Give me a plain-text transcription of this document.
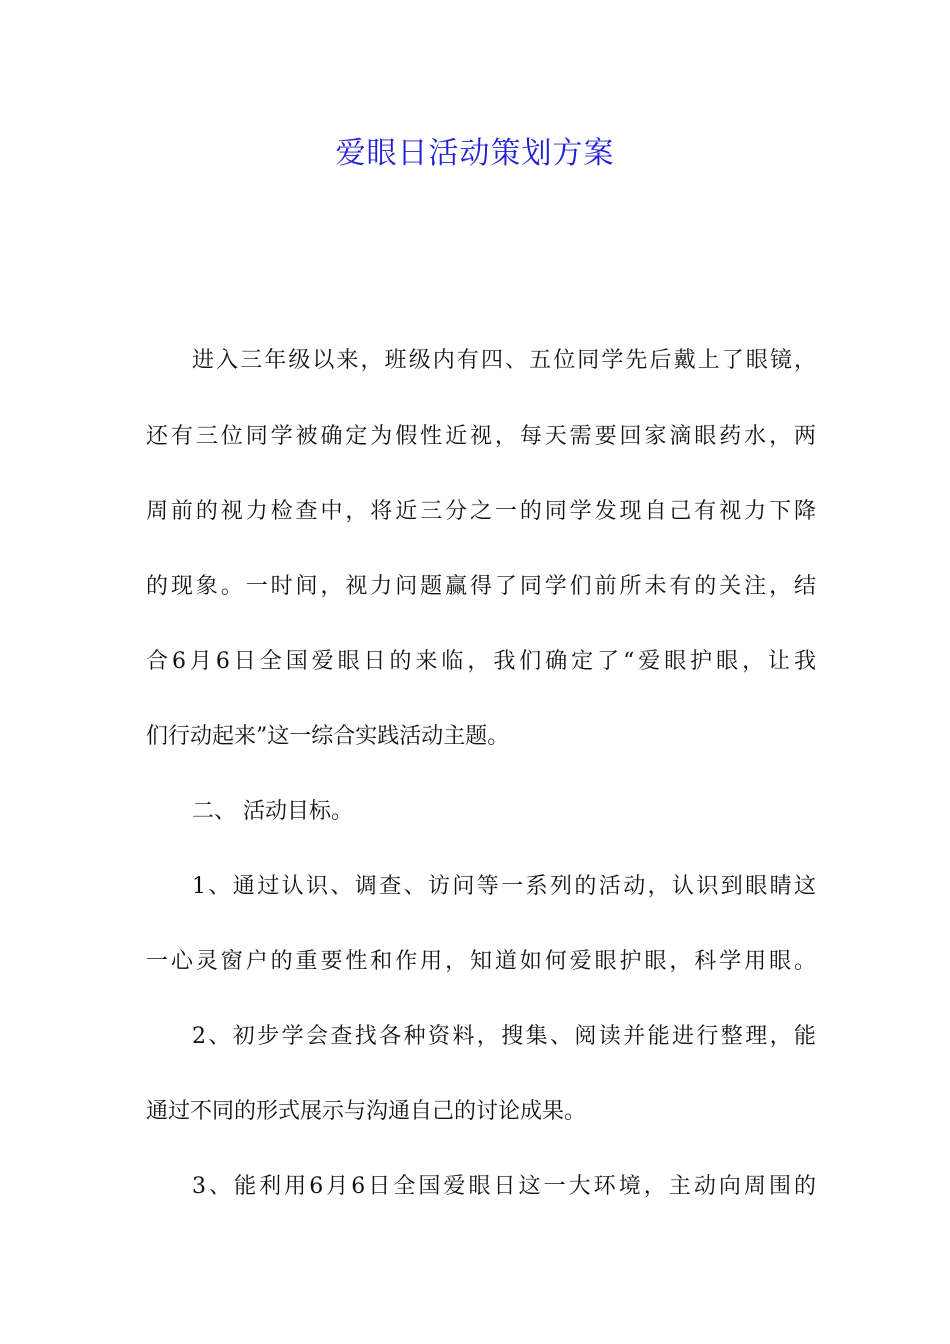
爱眼日活动策划方案
进入三年级以来，班级内有四、五位同学先后戴上了眼镜，
还有三位同学被确定为假性近视，每天需要回家滴眼药水，两
周前的视力检查中，将近三分之一的同学发现自己有视力下降
的现象。一时间，视力问题赢得了同学们前所未有的关注，结
合6月6日全国爱眼日的来临，我们确定了“爱眼护眼，让我
们行动起来”这一综合实践活动主题。
二、 活动目标。
1、通过认识、调查、访问等一系列的活动，认识到眼睛这
一心灵窗户的重要性和作用，知道如何爱眼护眼，科学用眼。
2、初步学会查找各种资料，搜集、阅读并能进行整理，能
通过不同的形式展示与沟通自己的讨论成果。
3、能利用6月6日全国爱眼日这一大环境，主动向周围的
